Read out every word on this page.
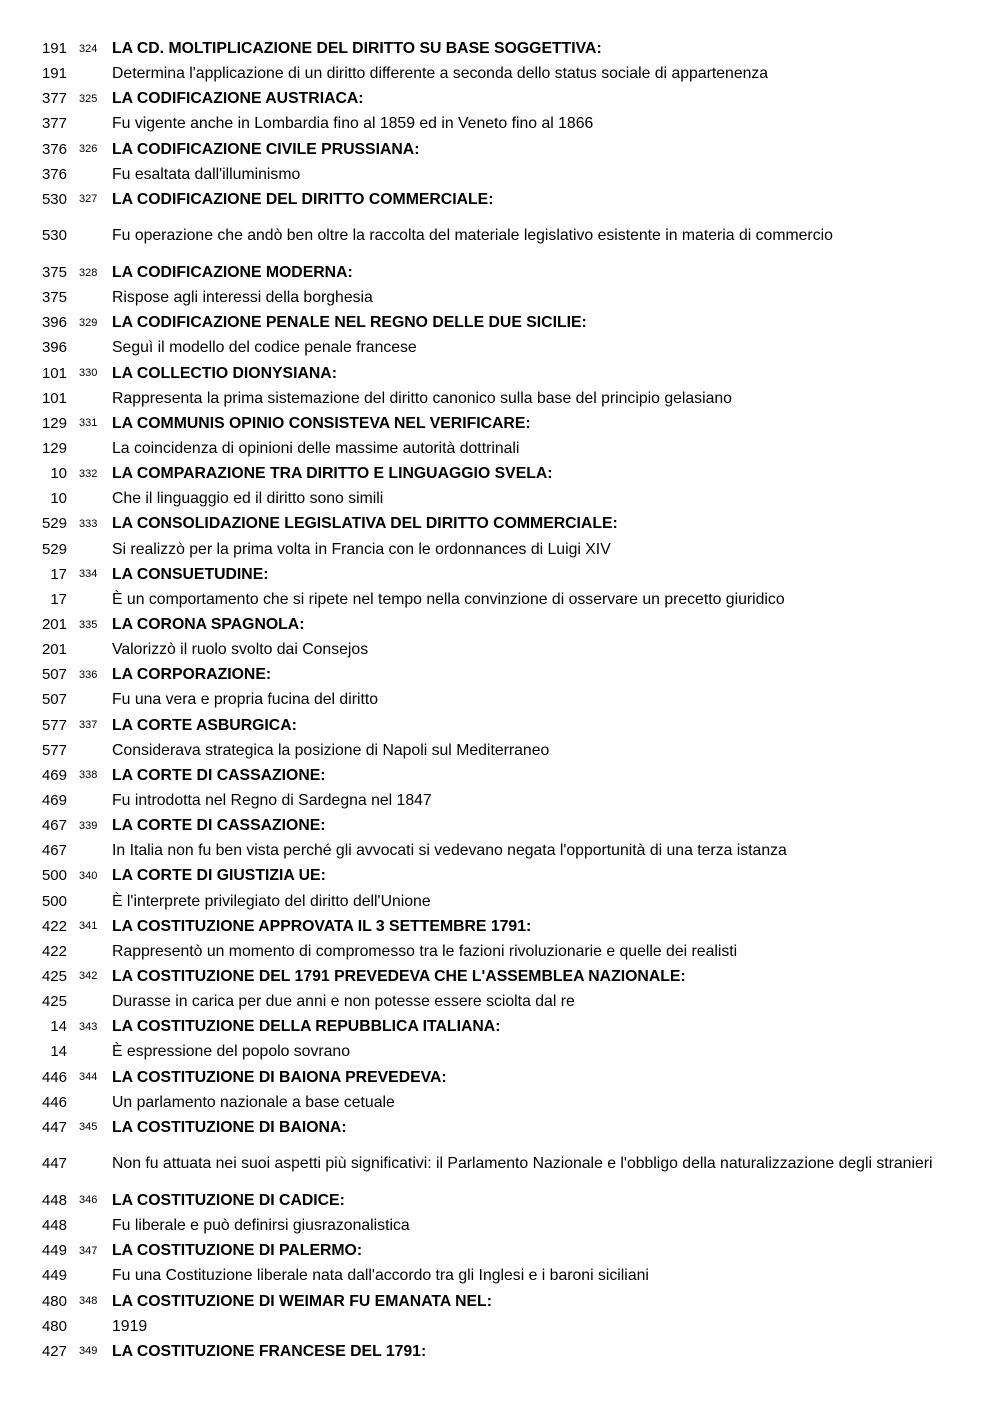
191	324 LA CD. MOLTIPLICAZIONE DEL DIRITTO SU BASE SOGGETTIVA:
191	Determina l'applicazione di un diritto differente a seconda dello status sociale di appartenenza
377	325 LA CODIFICAZIONE AUSTRIACA:
377	Fu vigente anche in Lombardia fino al 1859 ed in Veneto fino al 1866
376	326 LA CODIFICAZIONE CIVILE PRUSSIANA:
376	Fu esaltata dall'illuminismo
530	327 LA CODIFICAZIONE DEL DIRITTO COMMERCIALE:
530	Fu operazione che andò ben oltre la raccolta del materiale legislativo esistente in materia di commercio
375	328 LA CODIFICAZIONE MODERNA:
375	Rispose agli interessi della borghesia
396	329 LA CODIFICAZIONE PENALE NEL REGNO DELLE DUE SICILIE:
396	Seguì il modello del codice penale francese
101	330 LA COLLECTIO DIONYSIANA:
101	Rappresenta la prima sistemazione del diritto canonico sulla base del principio gelasiano
129	331 LA COMMUNIS OPINIO CONSISTEVA NEL VERIFICARE:
129	La coincidenza di opinioni delle massime autorità dottrinali
10	332 LA COMPARAZIONE TRA DIRITTO E LINGUAGGIO SVELA:
10	Che il linguaggio ed il diritto sono simili
529	333 LA CONSOLIDAZIONE LEGISLATIVA DEL DIRITTO COMMERCIALE:
529	Si realizzò per la prima volta in Francia con le ordonnances di Luigi XIV
17	334 LA CONSUETUDINE:
17	È un comportamento che si ripete nel tempo nella convinzione di osservare un precetto giuridico
201	335 LA CORONA SPAGNOLA:
201	Valorizzò il ruolo svolto dai Consejos
507	336 LA CORPORAZIONE:
507	Fu una vera e propria fucina del diritto
577	337 LA CORTE ASBURGICA:
577	Considerava strategica la posizione di Napoli sul Mediterraneo
469	338 LA CORTE DI CASSAZIONE:
469	Fu introdotta nel Regno di Sardegna nel 1847
467	339 LA CORTE DI CASSAZIONE:
467	In Italia non fu ben vista perché gli avvocati si vedevano negata l'opportunità di una terza istanza
500	340 LA CORTE DI GIUSTIZIA UE:
500	È l'interprete privilegiato del diritto dell'Unione
422	341 LA COSTITUZIONE APPROVATA IL 3 SETTEMBRE 1791:
422	Rappresentò un momento di compromesso tra le fazioni rivoluzionarie e quelle dei realisti
425	342 LA COSTITUZIONE DEL 1791 PREVEDEVA CHE L'ASSEMBLEA NAZIONALE:
425	Durasse in carica per due anni e non potesse essere sciolta dal re
14	343 LA COSTITUZIONE DELLA REPUBBLICA ITALIANA:
14	È espressione del popolo sovrano
446	344 LA COSTITUZIONE DI BAIONA PREVEDEVA:
446	Un parlamento nazionale a base cetuale
447	345 LA COSTITUZIONE DI BAIONA:
447	Non fu attuata nei suoi aspetti più significativi: il Parlamento Nazionale e l'obbligo della naturalizzazione degli stranieri
448	346 LA COSTITUZIONE DI CADICE:
448	Fu liberale e può definirsi giusrazonalistica
449	347 LA COSTITUZIONE DI PALERMO:
449	Fu una Costituzione liberale nata dall'accordo tra gli Inglesi e i baroni siciliani
480	348 LA COSTITUZIONE DI WEIMAR FU EMANATA NEL:
480	1919
427	349 LA COSTITUZIONE FRANCESE DEL 1791:
